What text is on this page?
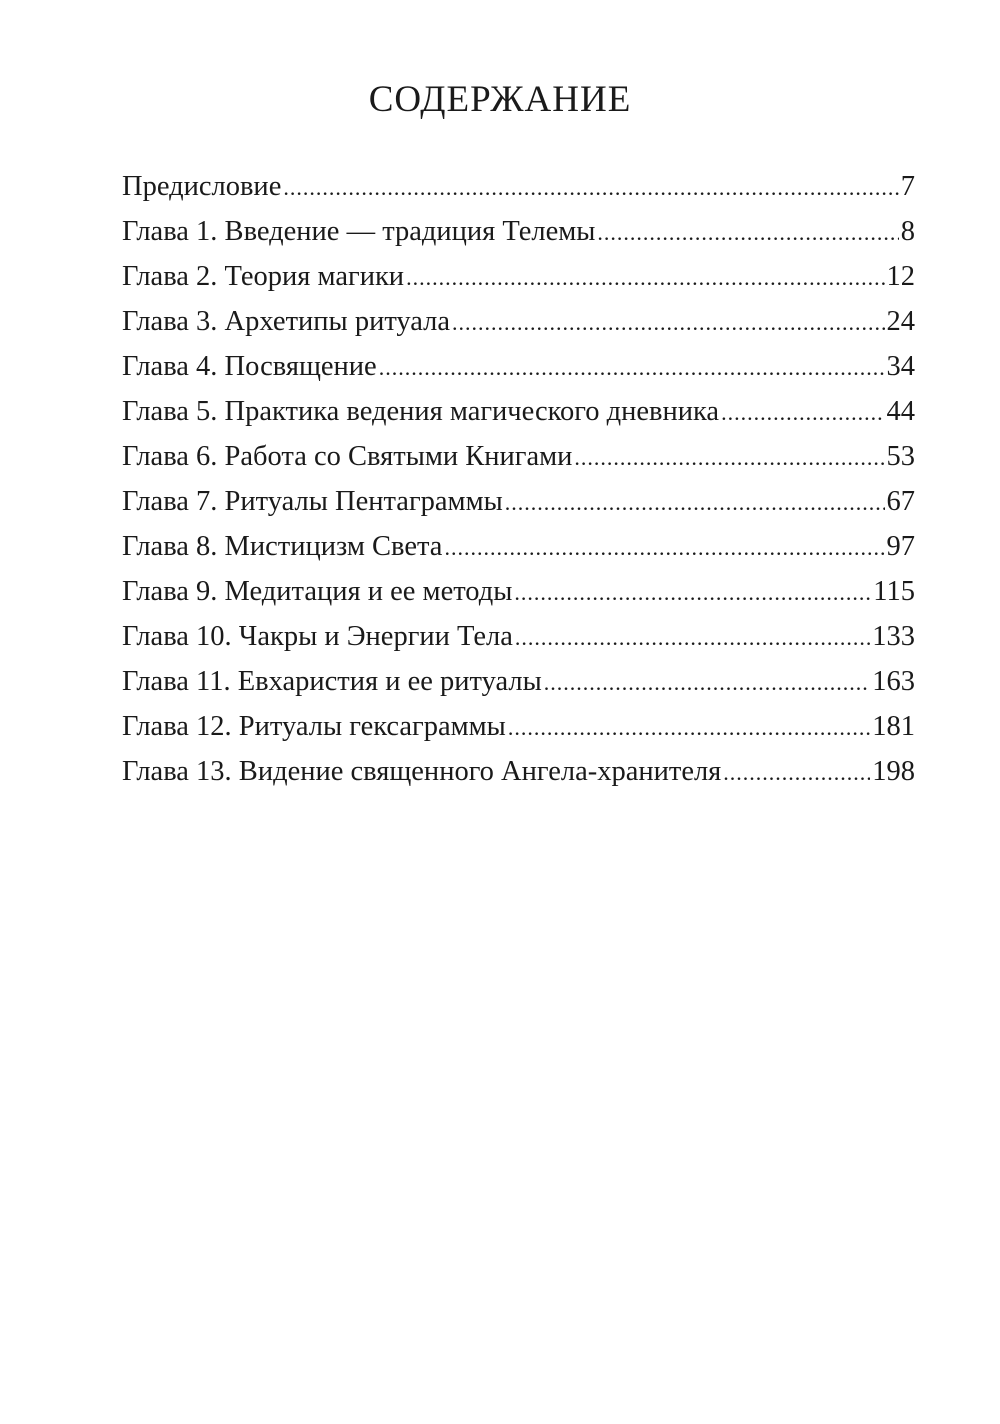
СОДЕРЖАНИЕ
Предисловие .....	7
Глава 1. Введение — традиция Телемы .....	8
Глава 2. Теория магики .....	12
Глава 3. Архетипы ритуала .....	24
Глава 4. Посвящение .....	34
Глава 5. Практика ведения магического дневника .....	44
Глава 6. Работа со Святыми Книгами .....	53
Глава 7. Ритуалы Пентаграммы .....	67
Глава 8. Мистицизм Света .....	97
Глава 9. Медитация и ее методы .....	115
Глава 10. Чакры и Энергии Тела .....	133
Глава 11. Евхаристия и ее ритуалы .....	163
Глава 12. Ритуалы гексаграммы .....	181
Глава 13. Видение священного Ангела-хранителя .....	198
